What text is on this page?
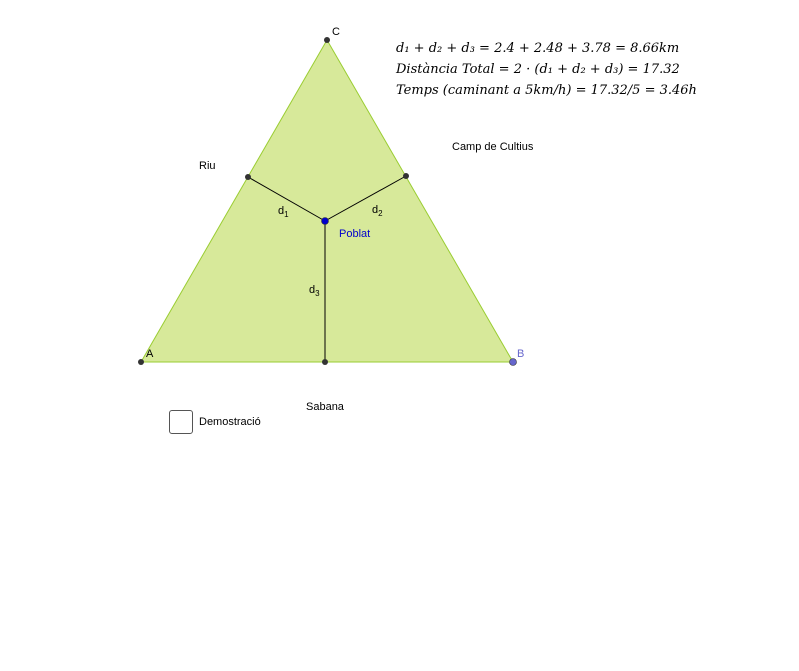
A	B
C
Riu
Camp de Cultius
Sabana
Poblat
$d_1$	$d_2$
$d_3$
d₁ + d₂ + d₃ = 2.4 + 2.48 + 3.78 = 8.66km
Distància Total = 2 · (d₁ + d₂ + d₃) = 17.32
Temps (caminant a 5km/h) = 17.32/5 = 3.46h
Demostració
